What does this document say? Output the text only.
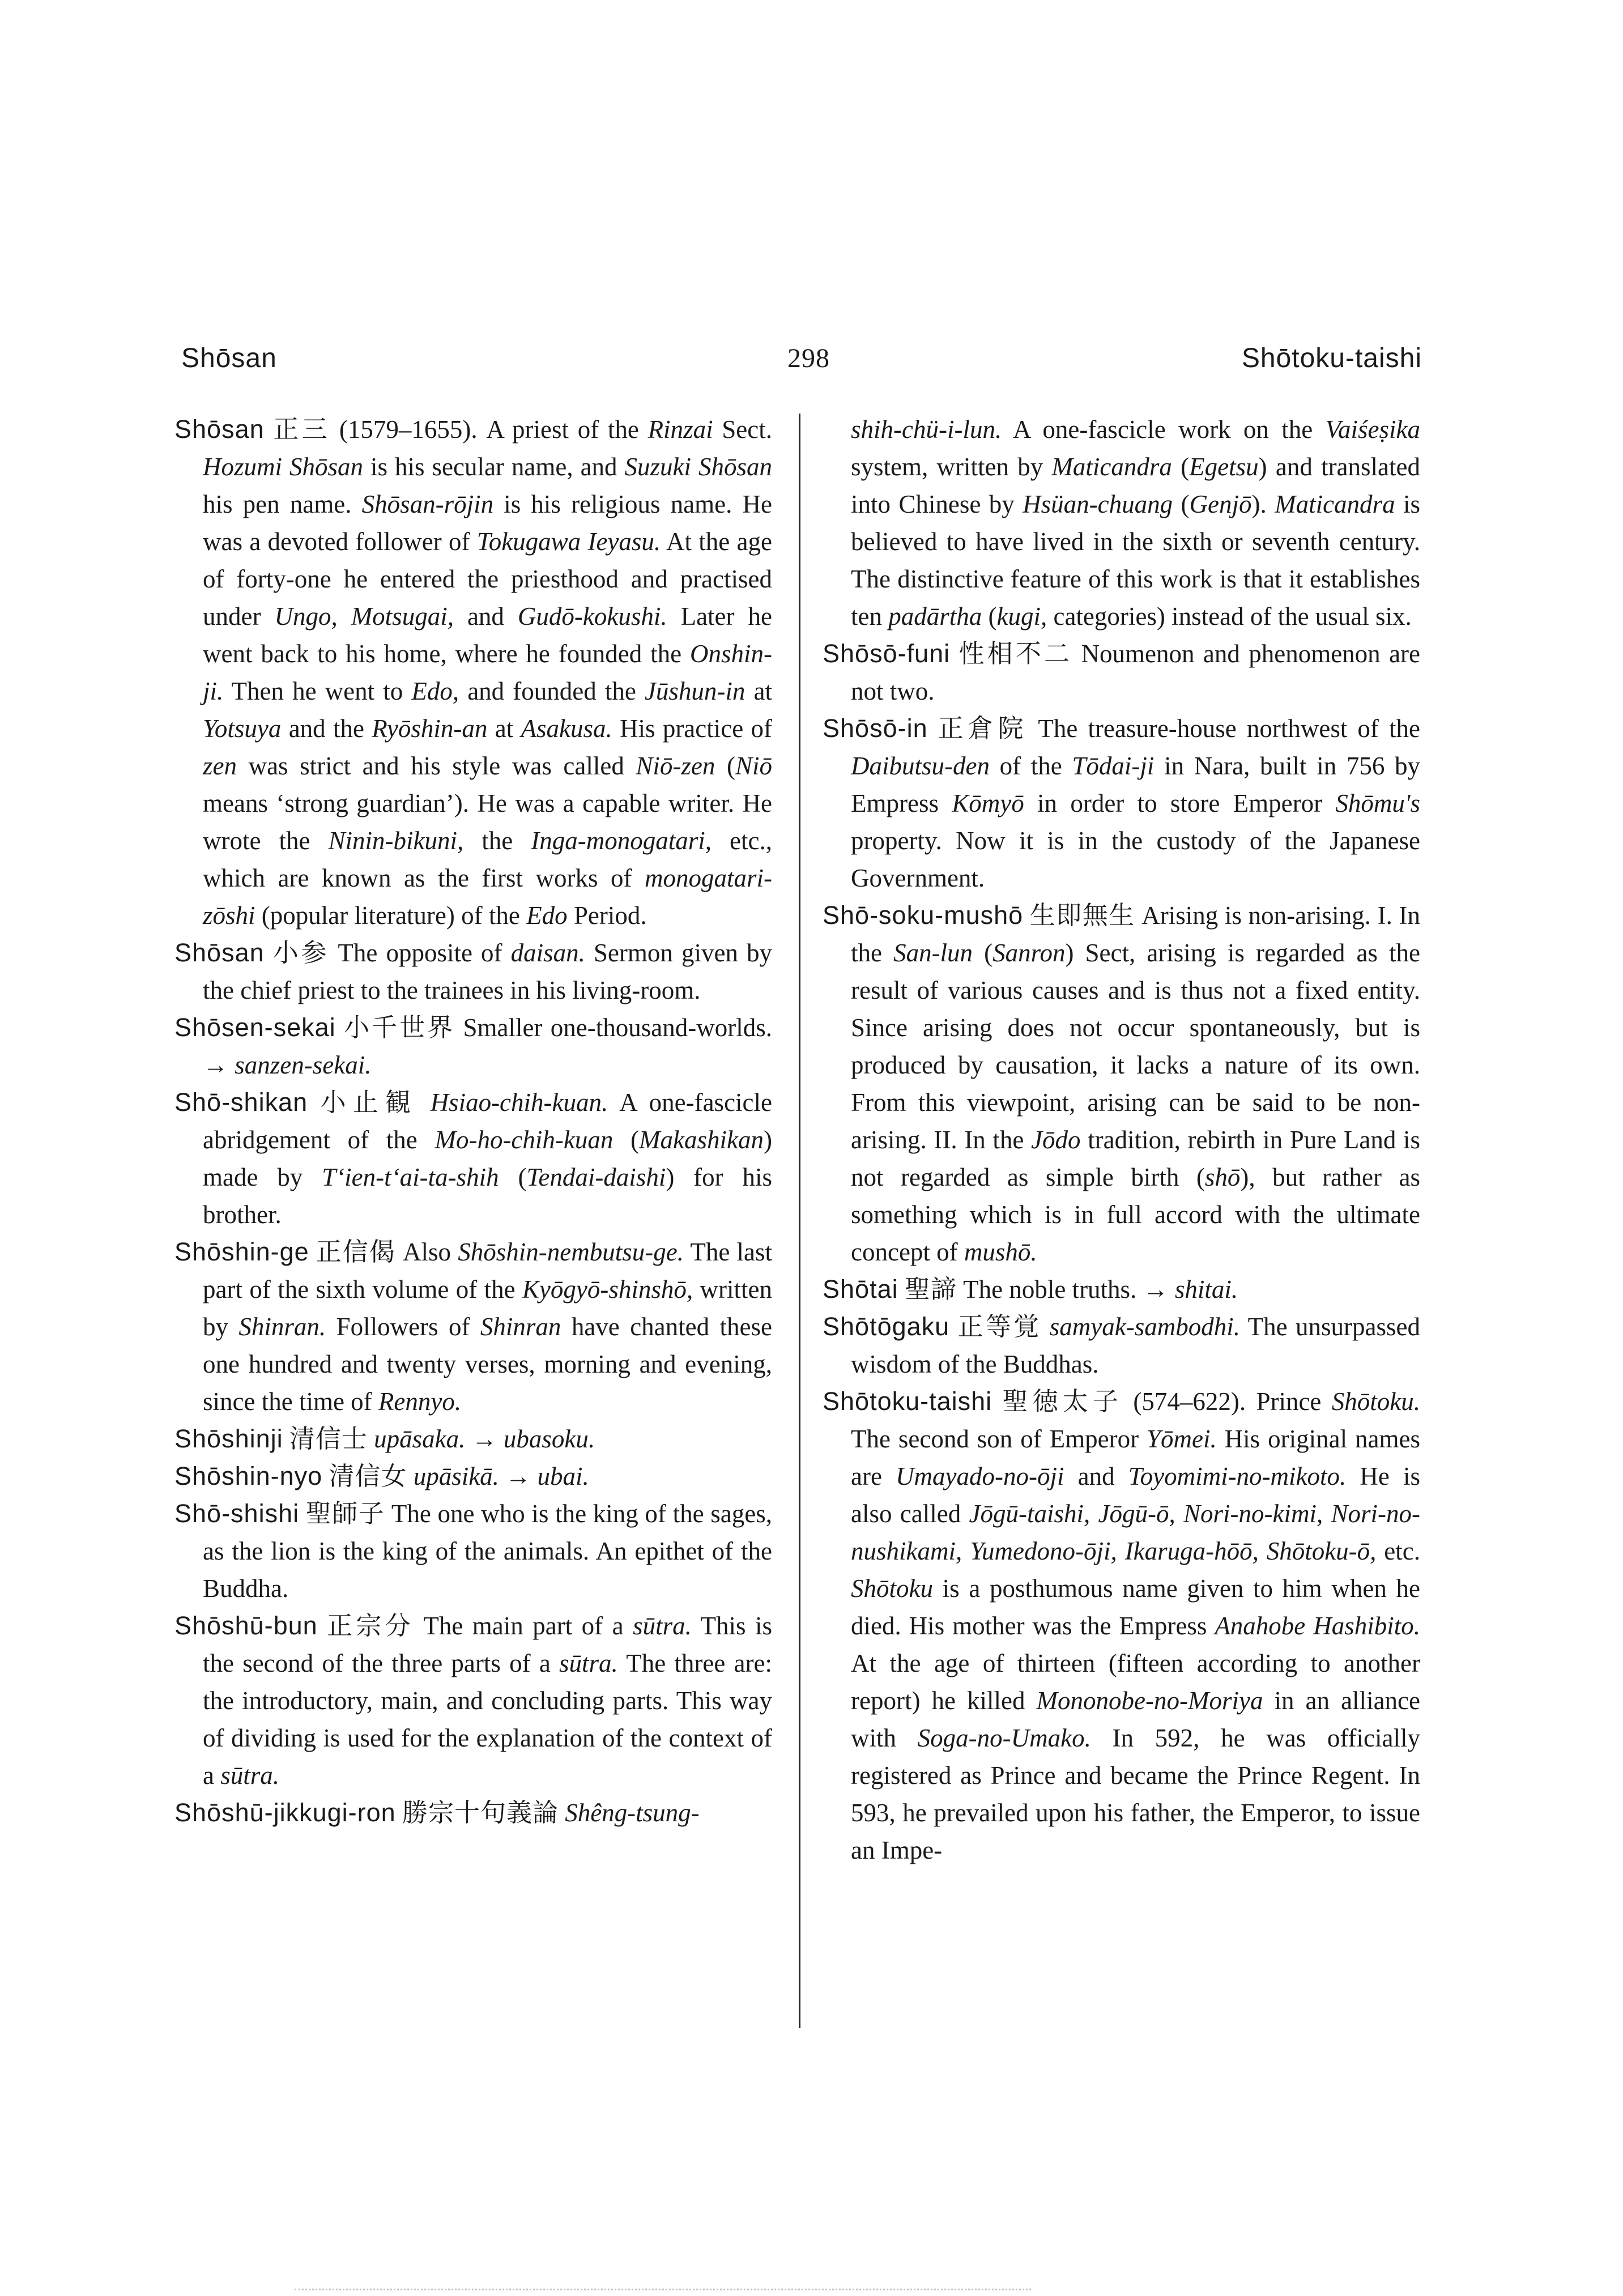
Shōsan	298	Shōtoku-taishi

Shōsan 正三 (1579–1655). A priest of the Rinzai Sect. Hozumi Shōsan is his secular name, and Suzuki Shōsan his pen name. Shōsan-rōjin is his religious name. He was a devoted follower of Tokugawa Ieyasu. At the age of forty-one he entered the priesthood and practised under Ungo, Motsugai, and Gudō-kokushi. Later he went back to his home, where he founded the Onshin-ji. Then he went to Edo, and founded the Jūshun-in at Yotsuya and the Ryōshin-an at Asakusa. His practice of zen was strict and his style was called Niō-zen (Niō means ‘strong guardian’). He was a capable writer. He wrote the Ninin-bikuni, the Inga-monogatari, etc., which are known as the first works of monogatari-zōshi (popular literature) of the Edo Period.

Shōsan 小参 The opposite of daisan. Sermon given by the chief priest to the trainees in his living-room.

Shōsen-sekai 小千世界 Smaller one-thousand-worlds. → sanzen-sekai.

Shō-shikan 小止観 Hsiao-chih-kuan. A one-fascicle abridgement of the Mo-ho-chih-kuan (Makashikan) made by T‘ien-t‘ai-ta-shih (Tendai-daishi) for his brother.

Shōshin-ge 正信偈 Also Shōshin-nembutsu-ge. The last part of the sixth volume of the Kyōgyō-shinshō, written by Shinran. Followers of Shinran have chanted these one hundred and twenty verses, morning and evening, since the time of Rennyo.

Shōshinji 清信士 upāsaka. → ubasoku.

Shōshin-nyo 清信女 upāsikā. → ubai.

Shō-shishi 聖師子 The one who is the king of the sages, as the lion is the king of the animals. An epithet of the Buddha.

Shōshū-bun 正宗分 The main part of a sūtra. This is the second of the three parts of a sūtra. The three are: the introductory, main, and concluding parts. This way of dividing is used for the explanation of the context of a sūtra.

Shōshū-jikkugi-ron 勝宗十句義論 Shêng-tsung-

shih-chü-i-lun. A one-fascicle work on the Vaiśeṣika system, written by Maticandra (Egetsu) and translated into Chinese by Hsüan-chuang (Genjō). Maticandra is believed to have lived in the sixth or seventh century. The distinctive feature of this work is that it establishes ten padārtha (kugi, categories) instead of the usual six.

Shōsō-funi 性相不二 Noumenon and phenomenon are not two.

Shōsō-in 正倉院 The treasure-house northwest of the Daibutsu-den of the Tōdai-ji in Nara, built in 756 by Empress Kōmyō in order to store Emperor Shōmu's property. Now it is in the custody of the Japanese Government.

Shō-soku-mushō 生即無生 Arising is non-arising. I. In the San-lun (Sanron) Sect, arising is regarded as the result of various causes and is thus not a fixed entity. Since arising does not occur spontaneously, but is produced by causation, it lacks a nature of its own. From this viewpoint, arising can be said to be non-arising. II. In the Jōdo tradition, rebirth in Pure Land is not regarded as simple birth (shō), but rather as something which is in full accord with the ultimate concept of mushō.

Shōtai 聖諦 The noble truths. → shitai.

Shōtōgaku 正等覚 samyak-sambodhi. The unsurpassed wisdom of the Buddhas.

Shōtoku-taishi 聖徳太子 (574–622). Prince Shōtoku. The second son of Emperor Yōmei. His original names are Umayado-no-ōji and Toyomimi-no-mikoto. He is also called Jōgū-taishi, Jōgū-ō, Nori-no-kimi, Nori-no-nushikami, Yumedono-ōji, Ikaruga-hōō, Shōtoku-ō, etc. Shōtoku is a posthumous name given to him when he died. His mother was the Empress Anahobe Hashibito. At the age of thirteen (fifteen according to another report) he killed Mononobe-no-Moriya in an alliance with Soga-no-Umako. In 592, he was officially registered as Prince and became the Prince Regent. In 593, he prevailed upon his father, the Emperor, to issue an Impe-
